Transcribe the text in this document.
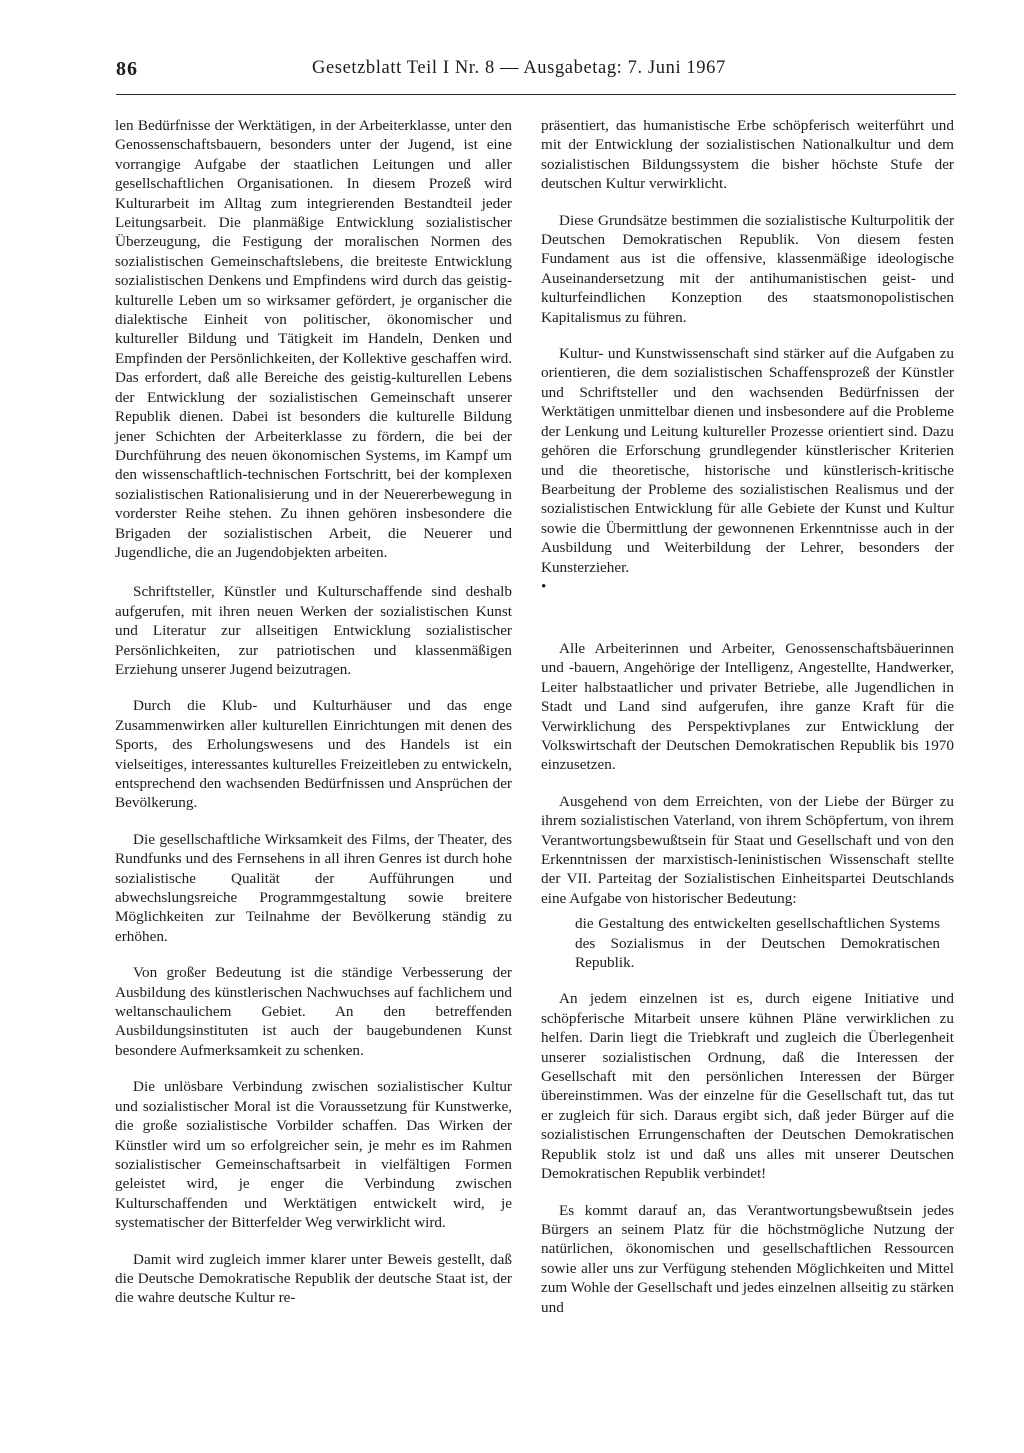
86	Gesetzblatt Teil I Nr. 8 — Ausgabetag: 7. Juni 1967

len Bedürfnisse der Werktätigen, in der Arbeiterklasse, unter den Genossenschaftsbauern, besonders unter der Jugend, ist eine vorrangige Aufgabe der staatlichen Leitungen und aller gesellschaftlichen Organisationen. In diesem Prozeß wird Kulturarbeit im Alltag zum integrierenden Bestandteil jeder Leitungsarbeit. Die planmäßige Entwicklung sozialistischer Überzeugung, die Festigung der moralischen Normen des sozialistischen Gemeinschaftslebens, die breiteste Entwicklung sozialistischen Denkens und Empfindens wird durch das geistig-kulturelle Leben um so wirksamer gefördert, je organischer die dialektische Einheit von politischer, ökonomischer und kultureller Bildung und Tätigkeit im Handeln, Denken und Empfinden der Persönlichkeiten, der Kollektive geschaffen wird. Das erfordert, daß alle Bereiche des geistig-kulturellen Lebens der Entwicklung der sozialistischen Gemeinschaft unserer Republik dienen. Dabei ist besonders die kulturelle Bildung jener Schichten der Arbeiterklasse zu fördern, die bei der Durchführung des neuen ökonomischen Systems, im Kampf um den wissenschaftlich-technischen Fortschritt, bei der komplexen sozialistischen Rationalisierung und in der Neuererbewegung in vorderster Reihe stehen. Zu ihnen gehören insbesondere die Brigaden der sozialistischen Arbeit, die Neuerer und Jugendliche, die an Jugendobjekten arbeiten.

Schriftsteller, Künstler und Kulturschaffende sind deshalb aufgerufen, mit ihren neuen Werken der sozialistischen Kunst und Literatur zur allseitigen Entwicklung sozialistischer Persönlichkeiten, zur patriotischen und klassenmäßigen Erziehung unserer Jugend beizutragen.

Durch die Klub- und Kulturhäuser und das enge Zusammenwirken aller kulturellen Einrichtungen mit denen des Sports, des Erholungswesens und des Handels ist ein vielseitiges, interessantes kulturelles Freizeitleben zu entwickeln, entsprechend den wachsenden Bedürfnissen und Ansprüchen der Bevölkerung.

Die gesellschaftliche Wirksamkeit des Films, der Theater, des Rundfunks und des Fernsehens in all ihren Genres ist durch hohe sozialistische Qualität der Aufführungen und abwechslungsreiche Programmgestaltung sowie breitere Möglichkeiten zur Teilnahme der Bevölkerung ständig zu erhöhen.

Von großer Bedeutung ist die ständige Verbesserung der Ausbildung des künstlerischen Nachwuchses auf fachlichem und weltanschaulichem Gebiet. An den betreffenden Ausbildungsinstituten ist auch der baugebundenen Kunst besondere Aufmerksamkeit zu schenken.

Die unlösbare Verbindung zwischen sozialistischer Kultur und sozialistischer Moral ist die Voraussetzung für Kunstwerke, die große sozialistische Vorbilder schaffen. Das Wirken der Künstler wird um so erfolgreicher sein, je mehr es im Rahmen sozialistischer Gemeinschaftsarbeit in vielfältigen Formen geleistet wird, je enger die Verbindung zwischen Kulturschaffenden und Werktätigen entwickelt wird, je systematischer der Bitterfelder Weg verwirklicht wird.

Damit wird zugleich immer klarer unter Beweis gestellt, daß die Deutsche Demokratische Republik der deutsche Staat ist, der die wahre deutsche Kultur re-

präsentiert, das humanistische Erbe schöpferisch weiterführt und mit der Entwicklung der sozialistischen Nationalkultur und dem sozialistischen Bildungssystem die bisher höchste Stufe der deutschen Kultur verwirklicht.

Diese Grundsätze bestimmen die sozialistische Kulturpolitik der Deutschen Demokratischen Republik. Von diesem festen Fundament aus ist die offensive, klassenmäßige ideologische Auseinandersetzung mit der antihumanistischen geist- und kulturfeindlichen Konzeption des staatsmonopolistischen Kapitalismus zu führen.

Kultur- und Kunstwissenschaft sind stärker auf die Aufgaben zu orientieren, die dem sozialistischen Schaffensprozeß der Künstler und Schriftsteller und den wachsenden Bedürfnissen der Werktätigen unmittelbar dienen und insbesondere auf die Probleme der Lenkung und Leitung kultureller Prozesse orientiert sind. Dazu gehören die Erforschung grundlegender künstlerischer Kriterien und die theoretische, historische und künstlerisch-kritische Bearbeitung der Probleme des sozialistischen Realismus und der sozialistischen Entwicklung für alle Gebiete der Kunst und Kultur sowie die Übermittlung der gewonnenen Erkenntnisse auch in der Ausbildung und Weiterbildung der Lehrer, besonders der Kunsterzieher.

•

Alle Arbeiterinnen und Arbeiter, Genossenschaftsbäuerinnen und -bauern, Angehörige der Intelligenz, Angestellte, Handwerker, Leiter halbstaatlicher und privater Betriebe, alle Jugendlichen in Stadt und Land sind aufgerufen, ihre ganze Kraft für die Verwirklichung des Perspektivplanes zur Entwicklung der Volkswirtschaft der Deutschen Demokratischen Republik bis 1970 einzusetzen.

Ausgehend von dem Erreichten, von der Liebe der Bürger zu ihrem sozialistischen Vaterland, von ihrem Schöpfertum, von ihrem Verantwortungsbewußtsein für Staat und Gesellschaft und von den Erkenntnissen der marxistisch-leninistischen Wissenschaft stellte der VII. Parteitag der Sozialistischen Einheitspartei Deutschlands eine Aufgabe von historischer Bedeutung:

die Gestaltung des entwickelten gesellschaftlichen Systems des Sozialismus in der Deutschen Demokratischen Republik.

An jedem einzelnen ist es, durch eigene Initiative und schöpferische Mitarbeit unsere kühnen Pläne verwirklichen zu helfen. Darin liegt die Triebkraft und zugleich die Überlegenheit unserer sozialistischen Ordnung, daß die Interessen der Gesellschaft mit den persönlichen Interessen der Bürger übereinstimmen. Was der einzelne für die Gesellschaft tut, das tut er zugleich für sich. Daraus ergibt sich, daß jeder Bürger auf die sozialistischen Errungenschaften der Deutschen Demokratischen Republik stolz ist und daß uns alles mit unserer Deutschen Demokratischen Republik verbindet!

Es kommt darauf an, das Verantwortungsbewußtsein jedes Bürgers an seinem Platz für die höchstmögliche Nutzung der natürlichen, ökonomischen und gesellschaftlichen Ressourcen sowie aller uns zur Verfügung stehenden Möglichkeiten und Mittel zum Wohle der Gesellschaft und jedes einzelnen allseitig zu stärken und
